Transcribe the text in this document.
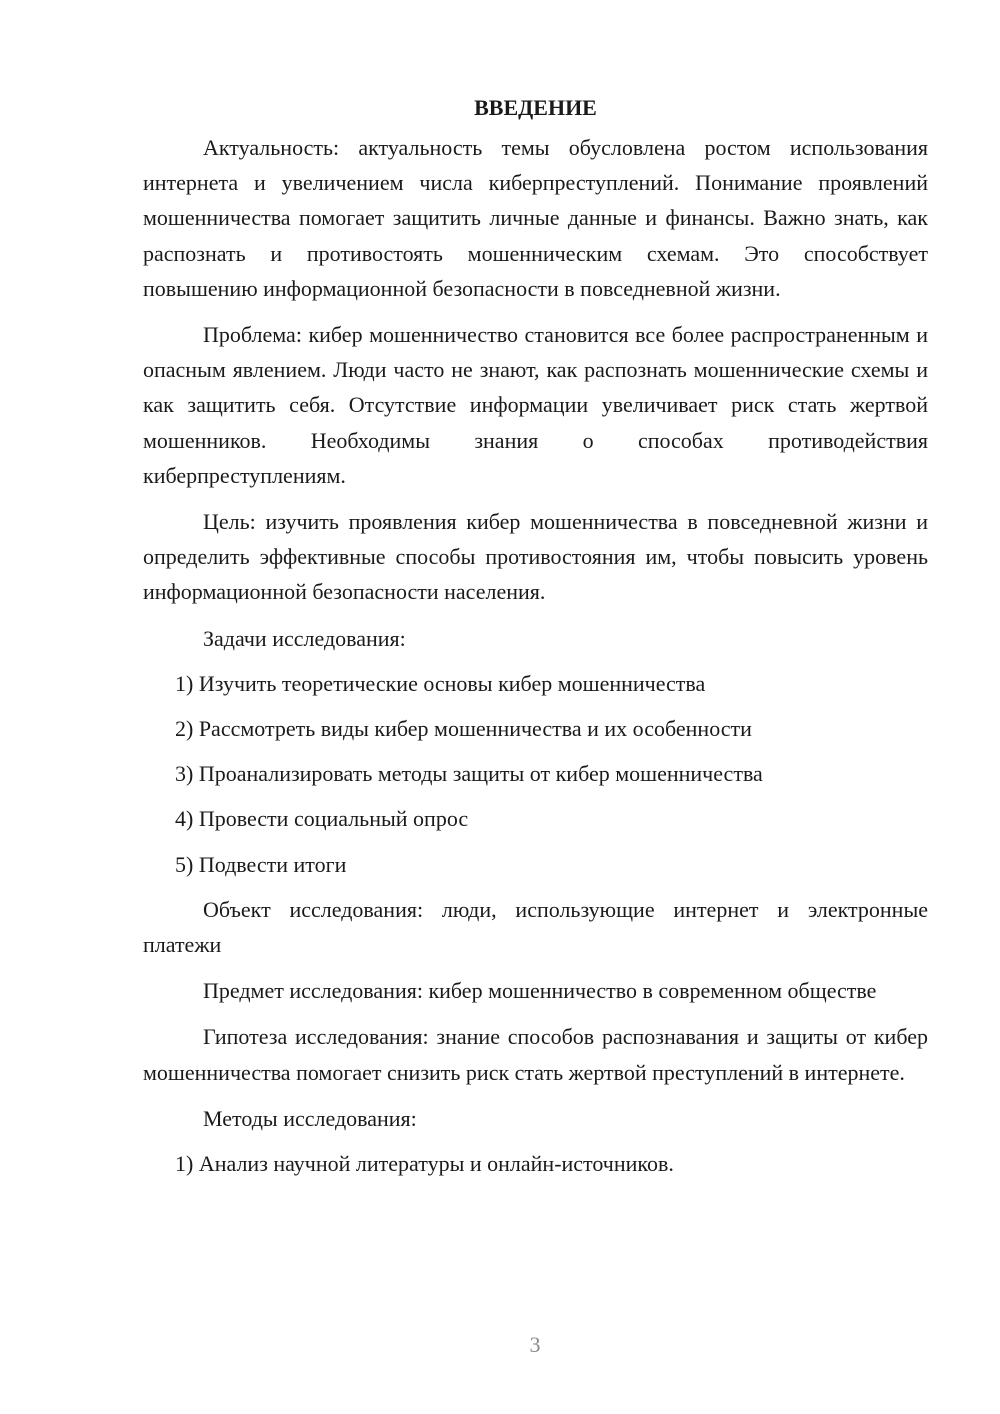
ВВЕДЕНИЕ

Актуальность: актуальность темы обусловлена ростом использования интернета и увеличением числа киберпреступлений. Понимание проявлений мошенничества помогает защитить личные данные и финансы. Важно знать, как распознать и противостоять мошенническим схемам. Это способствует повышению информационной безопасности в повседневной жизни.

Проблема: кибер мошенничество становится все более распространенным и опасным явлением. Люди часто не знают, как распознать мошеннические схемы и как защитить себя. Отсутствие информации увеличивает риск стать жертвой мошенников. Необходимы знания о способах противодействия киберпреступлениям.

Цель: изучить проявления кибер мошенничества в повседневной жизни и определить эффективные способы противостояния им, чтобы повысить уровень информационной безопасности населения.

Задачи исследования:

1) Изучить теоретические основы кибер мошенничества
2) Рассмотреть виды кибер мошенничества и их особенности
3) Проанализировать методы защиты от кибер мошенничества
4) Провести социальный опрос
5) Подвести итоги

Объект исследования: люди, использующие интернет и электронные платежи

Предмет исследования: кибер мошенничество в современном обществе

Гипотеза исследования: знание способов распознавания и защиты от кибер мошенничества помогает снизить риск стать жертвой преступлений в интернете.

Методы исследования:

1) Анализ научной литературы и онлайн-источников.
3
